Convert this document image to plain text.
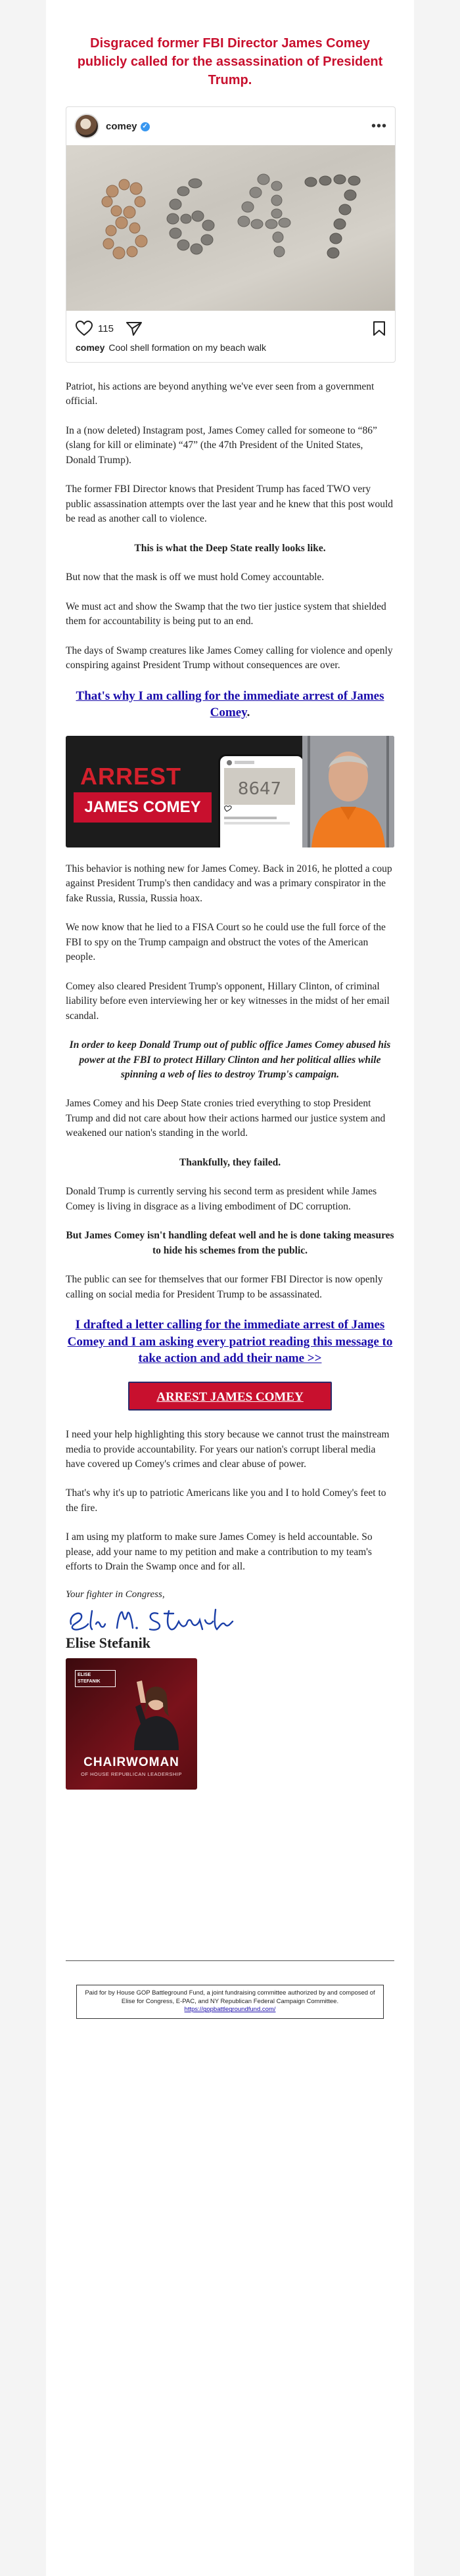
Disgraced former FBI Director James Comey publicly called for the assassination of President Trump.
comey ✓	•••
115
comey Cool shell formation on my beach walk

Patriot, his actions are beyond anything we've ever seen from a government official.

In a (now deleted) Instagram post, James Comey called for someone to “86” (slang for kill or eliminate) “47” (the 47th President of the United States, Donald Trump).

The former FBI Director knows that President Trump has faced TWO very public assassination attempts over the last year and he knew that this post would be read as another call to violence.

This is what the Deep State really looks like.

But now that the mask is off we must hold Comey accountable.

We must act and show the Swamp that the two tier justice system that shielded them for accountability is being put to an end.

The days of Swamp creatures like James Comey calling for violence and openly conspiring against President Trump without consequences are over.

That's why I am calling for the immediate arrest of James Comey.
ARREST
JAMES COMEY
8647

This behavior is nothing new for James Comey. Back in 2016, he plotted a coup against President Trump's then candidacy and was a primary conspirator in the fake Russia, Russia, Russia hoax.

We now know that he lied to a FISA Court so he could use the full force of the FBI to spy on the Trump campaign and obstruct the votes of the American people.

Comey also cleared President Trump's opponent, Hillary Clinton, of criminal liability before even interviewing her or key witnesses in the midst of her email scandal.

In order to keep Donald Trump out of public office James Comey abused his power at the FBI to protect Hillary Clinton and her political allies while spinning a web of lies to destroy Trump's campaign.

James Comey and his Deep State cronies tried everything to stop President Trump and did not care about how their actions harmed our justice system and weakened our nation's standing in the world.

Thankfully, they failed.

Donald Trump is currently serving his second term as president while James Comey is living in disgrace as a living embodiment of DC corruption.

But James Comey isn't handling defeat well and he is done taking measures to hide his schemes from the public.

The public can see for themselves that our former FBI Director is now openly calling on social media for President Trump to be assassinated.

I drafted a letter calling for the immediate arrest of James Comey and I am asking every patriot reading this message to take action and add their name >>
ARREST JAMES COMEY

I need your help highlighting this story because we cannot trust the mainstream media to provide accountability. For years our nation's corrupt liberal media have covered up Comey's crimes and clear abuse of power.

That's why it's up to patriotic Americans like you and I to hold Comey's feet to the fire.

I am using my platform to make sure James Comey is held accountable. So please, add your name to my petition and make a contribution to my team's efforts to Drain the Swamp once and for all.

Your fighter in Congress,
Elise Stefanik
ELISE STEFANIK
CHAIRWOMAN
OF HOUSE REPUBLICAN LEADERSHIP
Paid for by House GOP Battleground Fund, a joint fundraising committee authorized by and composed of Elise for Congress, E-PAC, and NY Republican Federal Campaign Committee.
https://gopbattlegroundfund.com/
